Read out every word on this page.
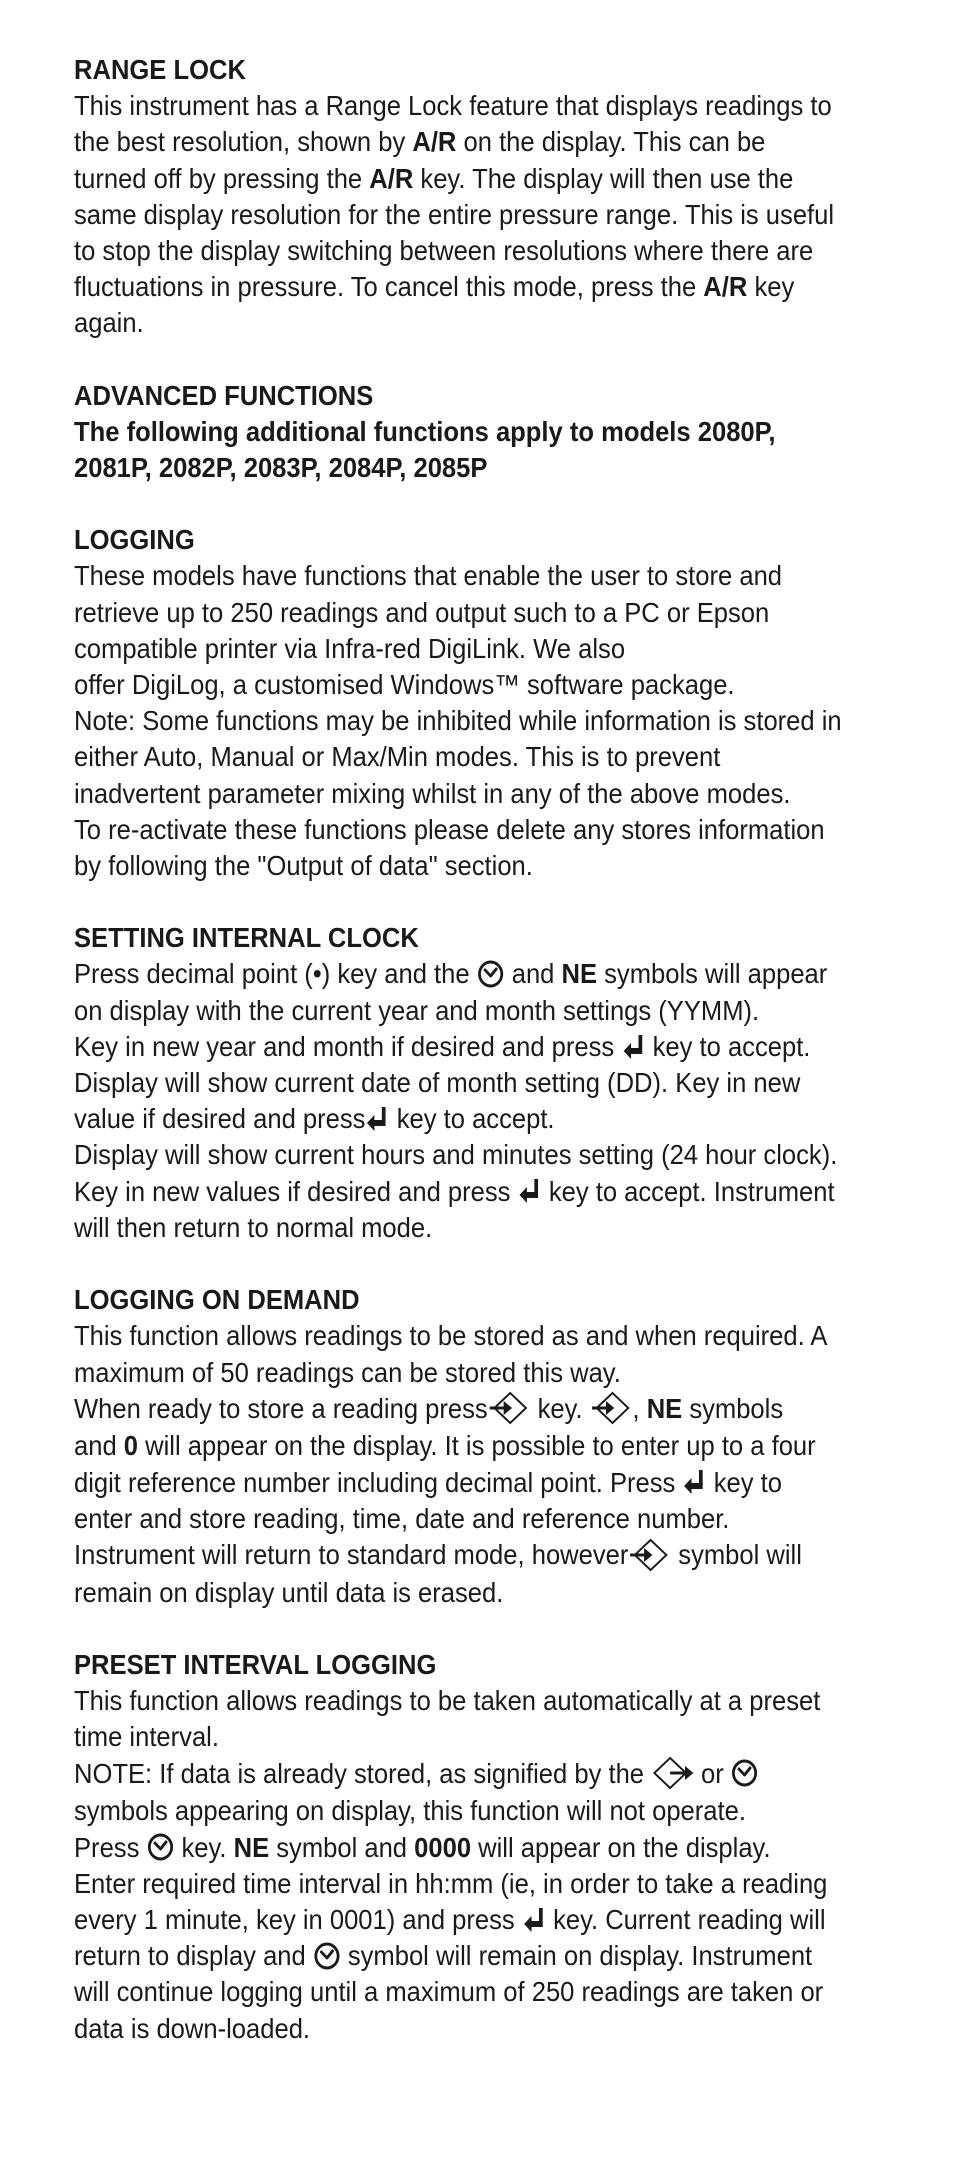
RANGE LOCK
This instrument has a Range Lock feature that displays readings to
the best resolution, shown by A/R on the display. This can be
turned off by pressing the A/R key. The display will then use the
same display resolution for the entire pressure range. This is useful
to stop the display switching between resolutions where there are
fluctuations in pressure. To cancel this mode, press the A/R key
again.
ADVANCED FUNCTIONS
The following additional functions apply to models 2080P,
2081P, 2082P, 2083P, 2084P, 2085P
LOGGING
These models have functions that enable the user to store and
retrieve up to 250 readings and output such to a PC or Epson
compatible printer via Infra-red DigiLink. We also
offer DigiLog, a customised Windows™ software package.
Note: Some functions may be inhibited while information is stored in
either Auto, Manual or Max/Min modes. This is to prevent
inadvertent parameter mixing whilst in any of the above modes.
To re-activate these functions please delete any stores information
by following the "Output of data" section.
SETTING INTERNAL CLOCK
Press decimal point (•) key and the
and NE symbols will appear
on display with the current year and month settings (YYMM).
Key in new year and month if desired and press
key to accept.
Display will show current date of month setting (DD). Key in new
value if desired and press
key to accept.
Display will show current hours and minutes setting (24 hour clock).
Key in new values if desired and press
key to accept. Instrument
will then return to normal mode.
LOGGING ON DEMAND
This function allows readings to be stored as and when required. A
maximum of 50 readings can be stored this way.
When ready to store a reading press
key.
, NE symbols
and 0 will appear on the display. It is possible to enter up to a four
digit reference number including decimal point. Press
key to
enter and store reading, time, date and reference number.
Instrument will return to standard mode, however
symbol will
remain on display until data is erased.
PRESET INTERVAL LOGGING
This function allows readings to be taken automatically at a preset
time interval.
NOTE: If data is already stored, as signified by the
or
symbols appearing on display, this function will not operate.
Press
key. NE symbol and 0000 will appear on the display.
Enter required time interval in hh:mm (ie, in order to take a reading
every 1 minute, key in 0001) and press
key. Current reading will
return to display and
symbol will remain on display. Instrument
will continue logging until a maximum of 250 readings are taken or
data is down-loaded.
